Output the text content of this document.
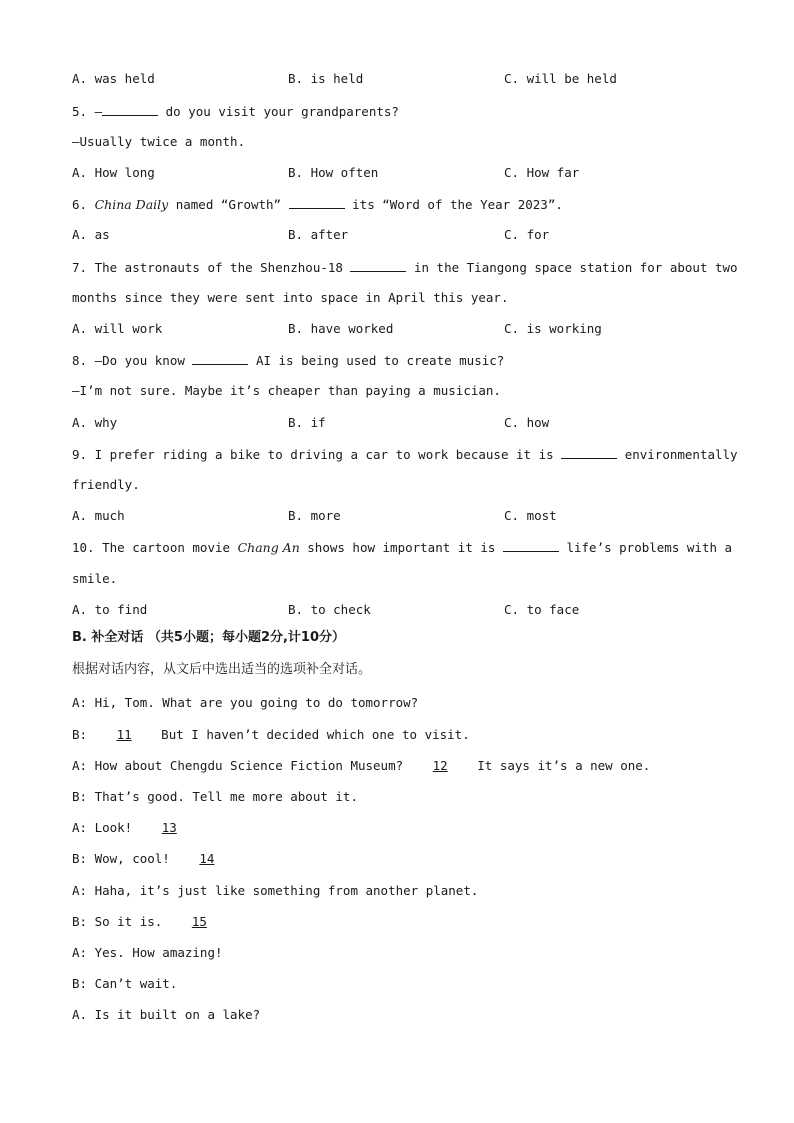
A. was held	B. is held	C. will be held
5. —	do you visit your grandparents?
—Usually twice a month.
A. How long	B. How often	C. How far
6. China Daily named “Growth”	its “Word of the Year 2023”.
A. as	B. after	C. for
7. The astronauts of the Shenzhou-18	in the Tiangong space station for about two
months since they were sent into space in April this year.
A. will work	B. have worked	C. is working
8. —Do you know	AI is being used to create music?
—I’m not sure. Maybe it’s cheaper than paying a musician.
A. why	B. if	C. how
9. I prefer riding a bike to driving a car to work because it is	environmentally
friendly.
A. much	B. more	C. most
10. The cartoon movie Chang An shows how important it is	life’s problems with a
smile.
A. to find	B. to check	C. to face
B. 补全对话 （共5小题；每小题2分,计10分）
根据对话内容，从文后中选出适当的选项补全对话。
A: Hi, Tom. What are you going to do tomorrow?
B: 11 But I haven’t decided which one to visit.
A: How about Chengdu Science Fiction Museum? 12 It says it’s a new one.
B: That’s good. Tell me more about it.
A: Look! 13
B: Wow, cool! 14
A: Haha, it’s just like something from another planet.
B: So it is. 15
A: Yes. How amazing!
B: Can’t wait.
A. Is it built on a lake?
